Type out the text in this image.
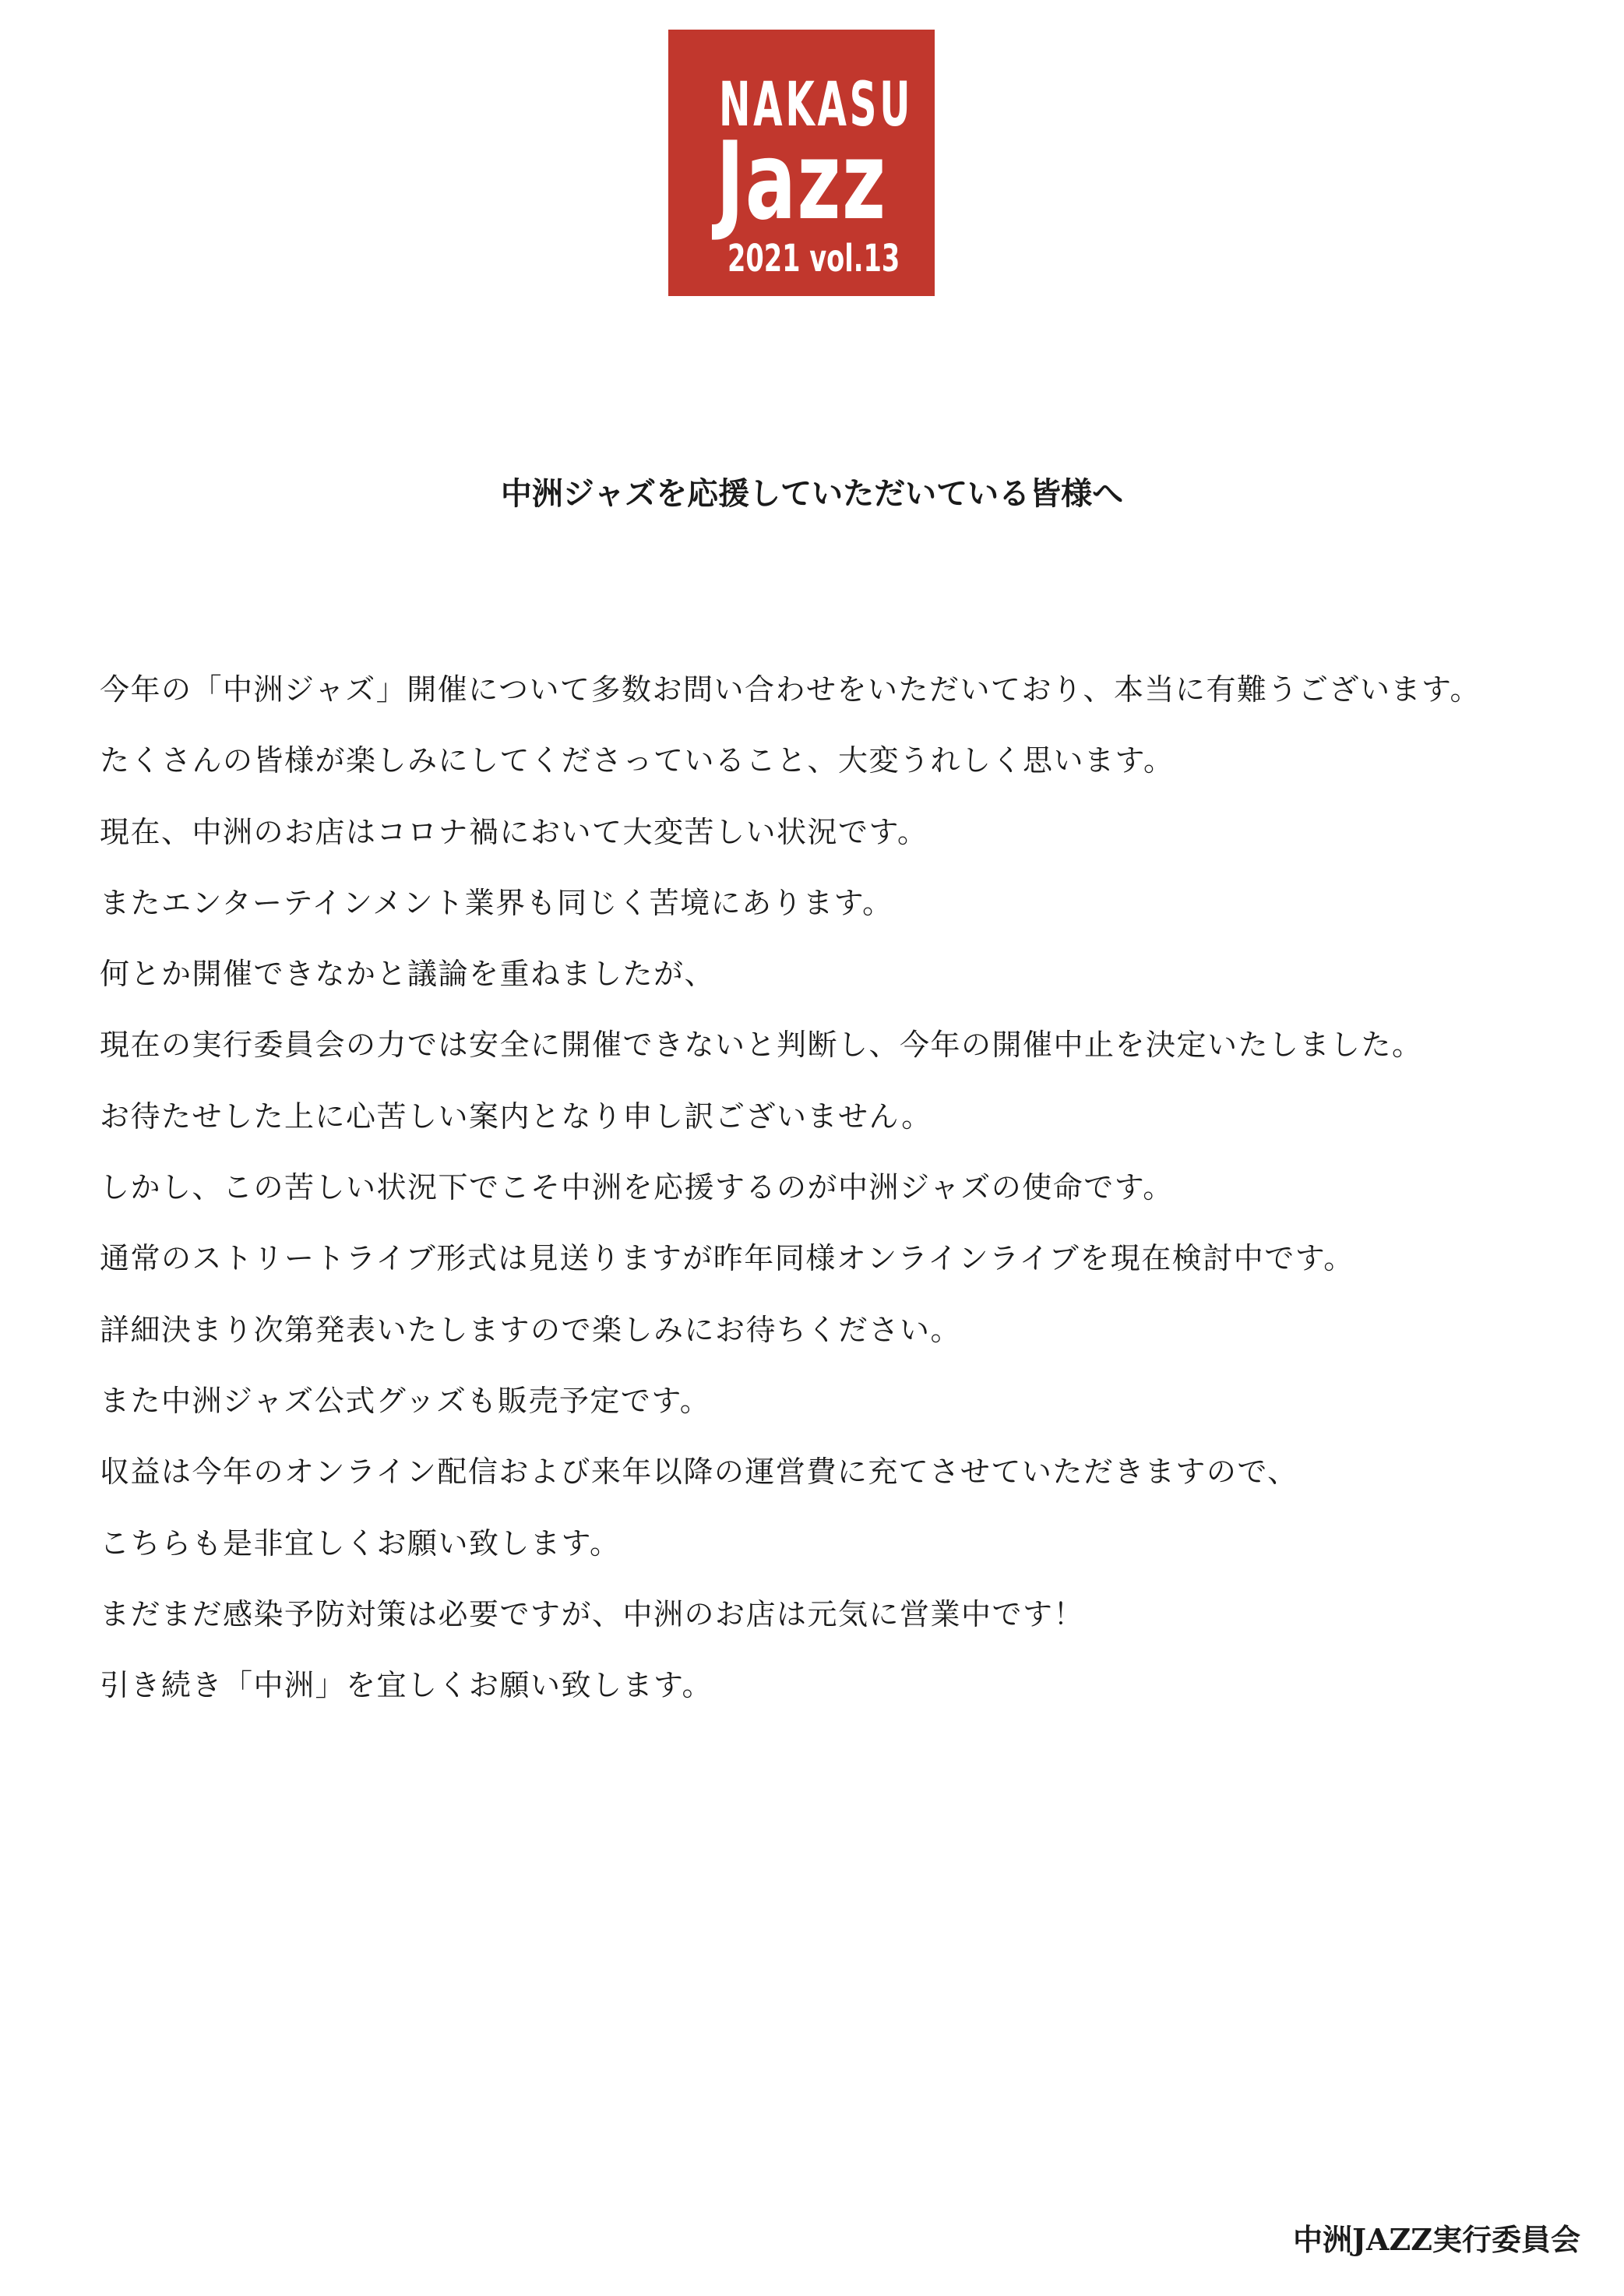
NAKASU
Jazz
2021 vol.13
中洲ジャズを応援していただいている皆様へ
今年の「中洲ジャズ」開催について多数お問い合わせをいただいており、本当に有難うございます。
たくさんの皆様が楽しみにしてくださっていること、大変うれしく思います。
現在、中洲のお店はコロナ禍において大変苦しい状況です。
またエンターテインメント業界も同じく苦境にあります。
何とか開催できなかと議論を重ねましたが、
現在の実行委員会の力では安全に開催できないと判断し、今年の開催中止を決定いたしました。
お待たせした上に心苦しい案内となり申し訳ございません。
しかし、この苦しい状況下でこそ中洲を応援するのが中洲ジャズの使命です。
通常のストリートライブ形式は見送りますが昨年同様オンラインライブを現在検討中です。
詳細決まり次第発表いたしますので楽しみにお待ちください。
また中洲ジャズ公式グッズも販売予定です。
収益は今年のオンライン配信および来年以降の運営費に充てさせていただきますので、
こちらも是非宜しくお願い致します。
まだまだ感染予防対策は必要ですが、中洲のお店は元気に営業中です！
引き続き「中洲」を宜しくお願い致します。
中洲JAZZ実行委員会
